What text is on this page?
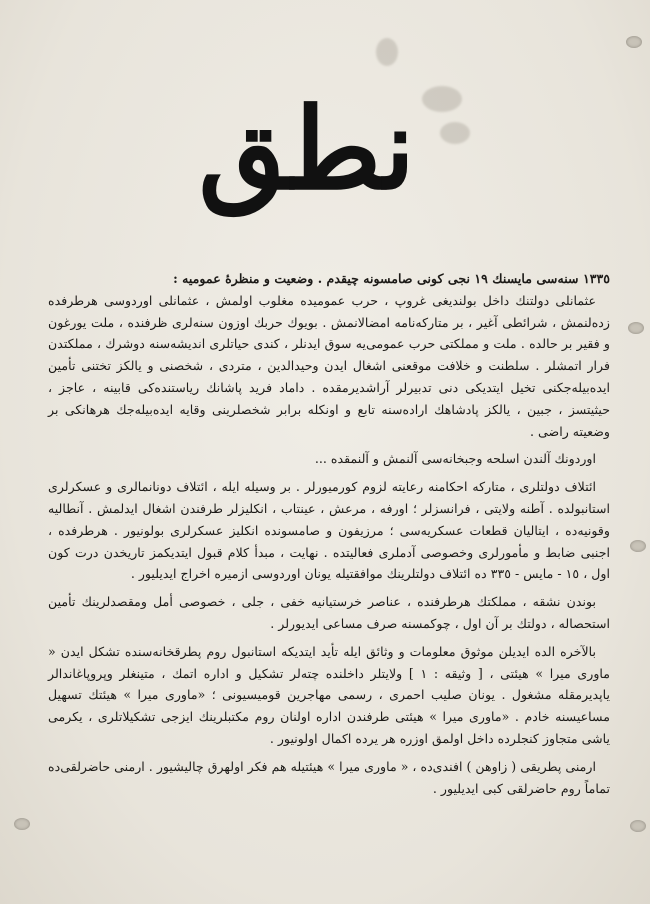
نطق

١٣٣٥ سنه‌سی مایسنك ١٩ نجی كونی صامسونه چیقدم . وضعیت و منظرۀ عمومیه :

عثمانلی دولتنك داخل بولندیغی غروپ ، حرب عمومیده مغلوب اولمش ، عثمانلی اوردوسی هرطرفده زده‌لنمش ، شرائطی آغیر ، بر متاركه‌نامه امضالانمش . بویوك حربك اوزون سنه‌لری ظرفنده ، ملت یورغون و فقیر بر حالده . ملت و مملكتی حرب عمومی‌یه سوق ایدنلر ، كندی حیاتلری اندیشه‌سنه دوشرك ، مملكتدن فرار اتمشلر . سلطنت و خلافت موقعنی اشغال ایدن وحیدالدین ، متردی ، شخصنی و یالكز تختنی تأمین ایده‌بیله‌جكنی تخیل ایتدیكی دنی تدبیرلر آراشدیرمقده . داماد فرید پاشانك ریاستنده‌كی قابینه ، عاجز ، حیثیتسز ، جبین ، یالكز پادشاهك اراده‌سنه تابع و اونكله برابر شخصلرینی وقایه ایده‌بیله‌جك هرهانكی بر وضعیته راضی .

اوردونك آلندن اسلحه وجبخانه‌سی آلنمش و آلنمقده ...

ائتلاف دولتلری ، متاركه احكامنه رعایته لزوم كورمیورلر . بر وسیله ایله ، ائتلاف دونانمالری و عسكرلری استانبولده . آطنه ولایتی ، فرانسزلر ؛ اورفه ، مرعش ، عینتاب ، انكلیزلر طرفندن اشغال ایدلمش . آنطالیه وقونیه‌ده ، ایتالیان قطعات عسكریه‌سی ؛ مرزیفون و صامسونده انكلیز عسكرلری بولونیور . هرطرفده ، اجنبی ضابط و مأمورلری وخصوصی آدملری فعالیتده . نهایت ، مبدأ كلام قبول ایتدیكمز تاریخدن درت كون اول ، ١٥ - مایس - ٣٣٥ ده ائتلاف دولتلرینك موافقتیله یونان اوردوسی ازمیره اخراج ایدیلیور .

بوندن نشقه ، مملكتك هرطرفنده ، عناصر خرستیانیه خفی ، جلی ، خصوصی أمل ومقصدلرینك تأمین استحصاله ، دولتك بر آن اول ، چوكمسنه صرف مساعی ایدیورلر .

بالآخره الده ایدیلن موثوق معلومات و وثائق ایله تأید ایتدیكه استانبول روم پطرقخانه‌سنده تشكل ایدن « ماوری میرا » هیئتی ، [ وثیقه : ١ ] ولایتلر داخلنده چته‌لر تشكیل و اداره اتمك ، متینغلر وپروپاغاندالر یاپدیرمقله مشغول . یونان صلیب احمری ، رسمی مهاجرین قومیسیونی ؛ «ماوری میرا » هیئتك تسهیل مساعیسنه خادم . «ماوری میرا » هیئتی طرفندن اداره اولنان روم مكتبلرینك ایزجی تشكیلاتلری ، یكرمی یاشی متجاوز كنجلرده داخل اولمق اوزره هر یرده اكمال اولونیور .

ارمنی پطریقی ( زاوهن ) افندی‌ده ، « ماوری میرا » هیئتیله هم فكر اولهرق چالیشیور . ارمنی حاضرلقی‌ده تماماً روم حاضرلقی كبی ایدیلیور .
